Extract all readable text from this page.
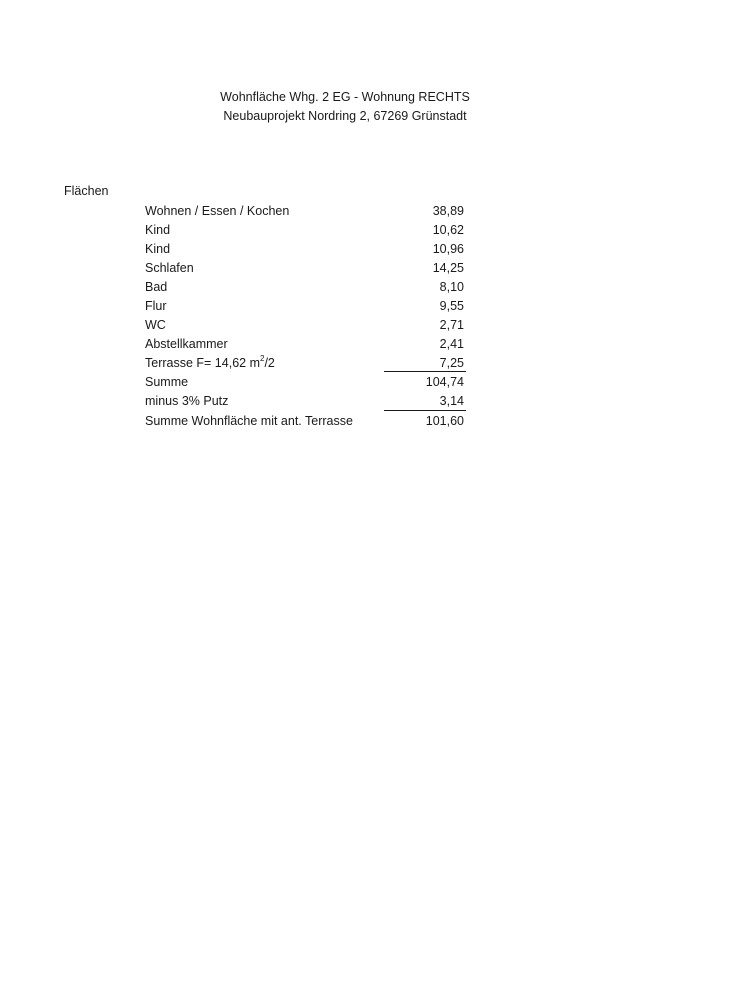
Wohnfläche Whg. 2 EG - Wohnung RECHTS
Neubauprojekt Nordring 2, 67269 Grünstadt
Flächen
Wohnen / Essen / Kochen	38,89
Kind	10,62
Kind	10,96
Schlafen	14,25
Bad	8,10
Flur	9,55
WC	2,71
Abstellkammer	2,41
Terrasse F= 14,62 $m^2/2$	7,25
Summe	104,74
minus 3% Putz	3,14
Summe Wohnfläche mit ant. Terrasse	101,60
